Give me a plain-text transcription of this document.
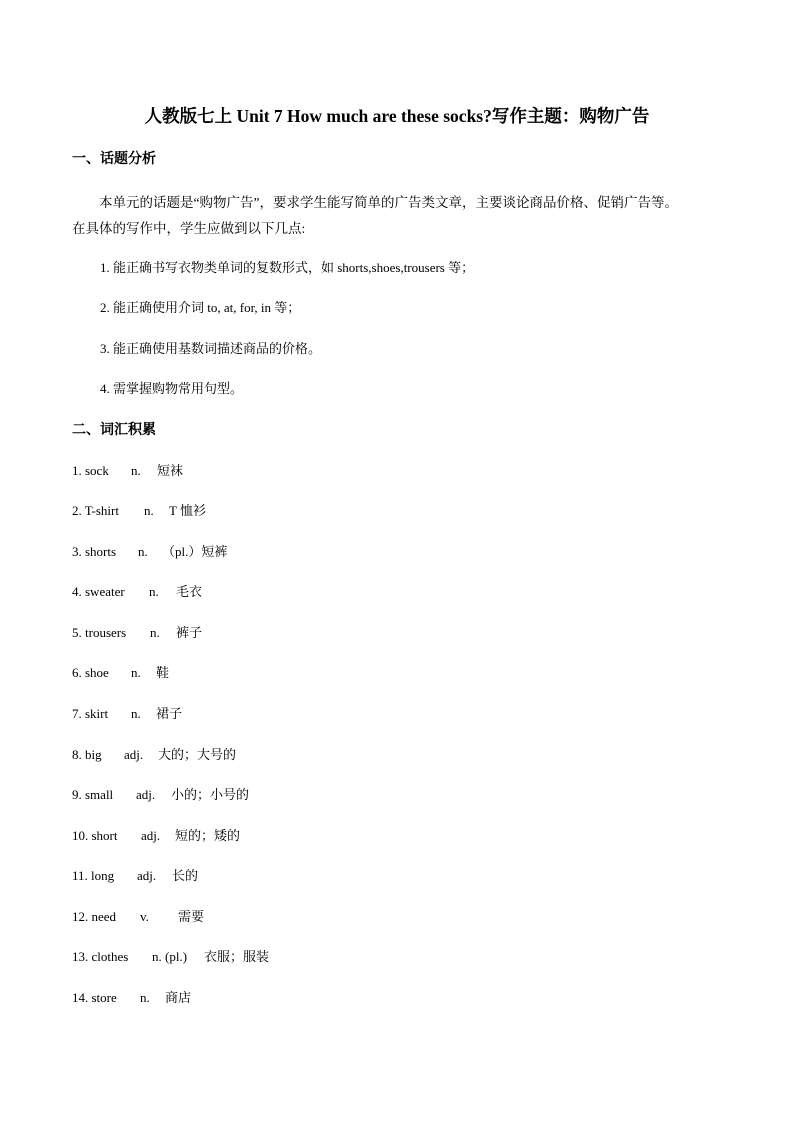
人教版七上 Unit 7 How much are these socks?写作主题：购物广告
一、话题分析
本单元的话题是“购物广告”，要求学生能写简单的广告类文章，主要谈论商品价格、促销广告等。
在具体的写作中，学生应做到以下几点:
1. 能正确书写衣物类单词的复数形式，如 shorts,shoes,trousers 等；
2. 能正确使用介词 to, at, for, in 等；
3. 能正确使用基数词描述商品的价格。
4. 需掌握购物常用句型。
二、词汇积累
1. sock n. 短袜
2. T-shirt n. T 恤衫
3. shorts n. （pl.）短裤
4. sweater n. 毛衣
5. trousers n. 裤子
6. shoe n. 鞋
7. skirt n. 裙子
8. big adj. 大的；大号的
9. small adj. 小的；小号的
10. short adj. 短的；矮的
11. long adj. 长的
12. need v. 需要
13. clothes n. (pl.) 衣服；服装
14. store n. 商店
